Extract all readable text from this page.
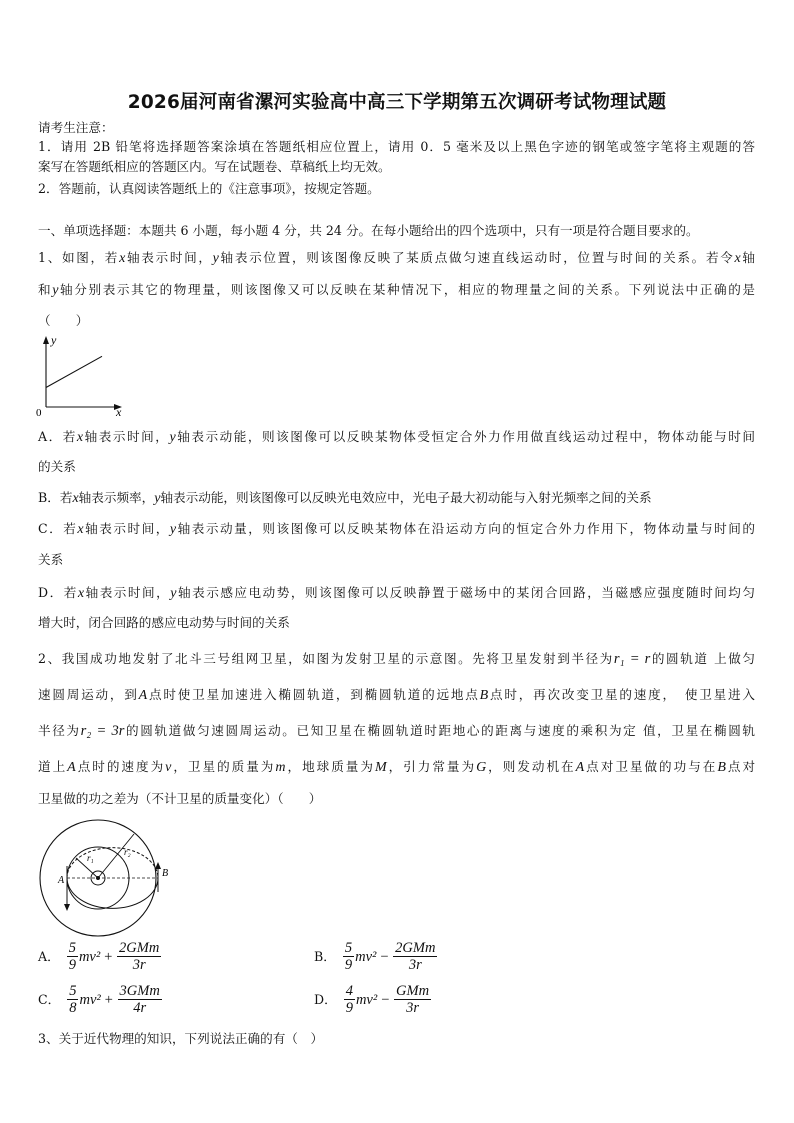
2026届河南省漯河实验高中高三下学期第五次调研考试物理试题
请考生注意：
1．请用 2B 铅笔将选择题答案涂填在答题纸相应位置上，请用 0．5 毫米及以上黑色字迹的钢笔或签字笔将主观题的答
案写在答题纸相应的答题区内。写在试题卷、草稿纸上均无效。
2．答题前，认真阅读答题纸上的《注意事项》，按规定答题。
一、单项选择题：本题共 6 小题，每小题 4 分，共 24 分。在每小题给出的四个选项中，只有一项是符合题目要求的。
1、如图，若x轴表示时间，y轴表示位置，则该图像反映了某质点做匀速直线运动时，位置与时间的关系。若令x轴
和y轴分别表示其它的物理量，则该图像又可以反映在某种情况下，相应的物理量之间的关系。下列说法中正确的是
（　　）
y
x
0
A．若x轴表示时间，y轴表示动能，则该图像可以反映某物体受恒定合外力作用做直线运动过程中，物体动能与时间
的关系
B．若x轴表示频率，y轴表示动能，则该图像可以反映光电效应中，光电子最大初动能与入射光频率之间的关系
C．若x轴表示时间，y轴表示动量，则该图像可以反映某物体在沿运动方向的恒定合外力作用下，物体动量与时间的
关系
D．若x轴表示时间，y轴表示感应电动势，则该图像可以反映静置于磁场中的某闭合回路，当磁感应强度随时间均匀
增大时，闭合回路的感应电动势与时间的关系
2、我国成功地发射了北斗三号组网卫星，如图为发射卫星的示意图。先将卫星发射到半径为r₁ = r的圆轨道 上做匀
速圆周运动，到A点时使卫星加速进入椭圆轨道，到椭圆轨道的远地点B点时，再次改变卫星的速度，　使卫星进入
半径为r₂ = 3r的圆轨道做匀速圆周运动。已知卫星在椭圆轨道时距地心的距离与速度的乘积为定 值，卫星在椭圆轨
道上A点时的速度为v，卫星的质量为m，地球质量为M，引力常量为G，则发动机在A点对卫星做的功与在B点对
卫星做的功之差为（不计卫星的质量变化）（　　）
r₁
r₂
A
B
A． $\frac{5}{9} mv^2 + \frac{\text{2GMm}}{3r}$	B． $\frac{5}{9} mv^2 - \frac{\text{2GMm}}{3r}$
C． $\frac{5}{8} mv^2 + \frac{\text{3GMm}}{4r}$	D． $\frac{4}{9} mv^2 - \frac{\text{GMm}}{3r}$
3、关于近代物理的知识，下列说法正确的有（　）
